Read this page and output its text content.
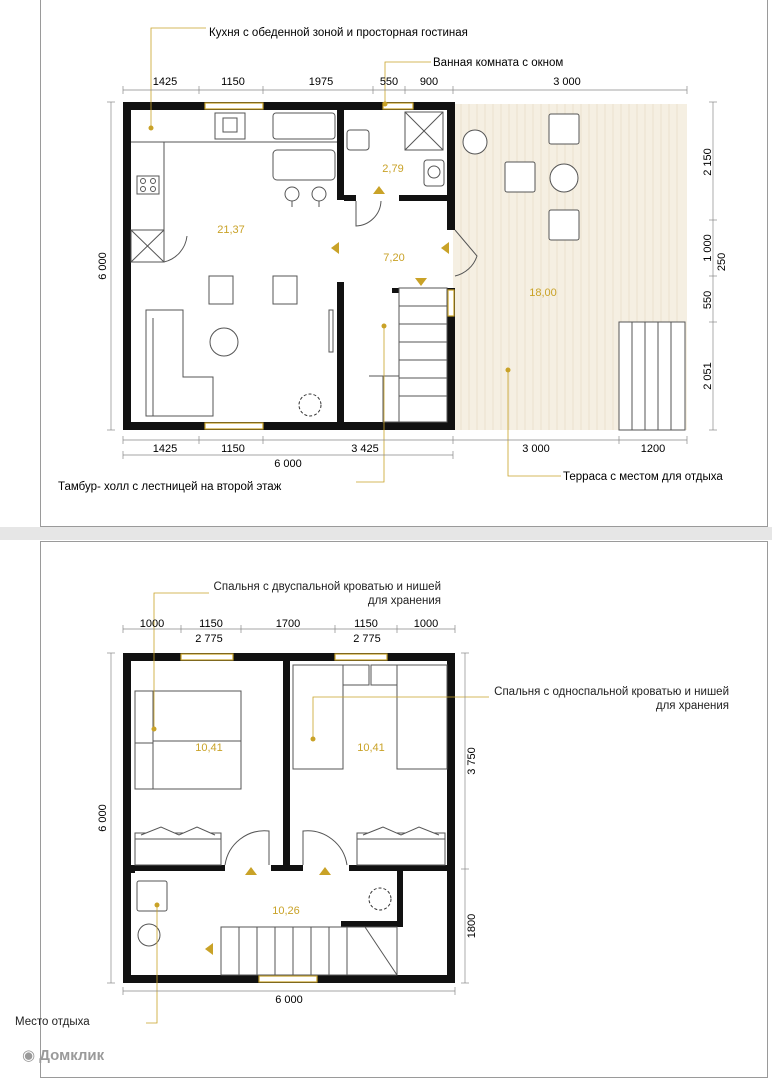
1425	1150	1975	550 900	3 000
1425	1150	3 425	3 000	1200
6 000
6 000
2 150
1 000
250
550
2 051
21,37
2,79
7,20
18,00
Кухня с обеденной зоной и просторная гостиная
Ванная комната с окном
Тамбур- холл с лестницей на второй этаж
Терраса с местом для отдыха
1000	1150	1700	1150	1000
2 775	2 775
6 000
6 000
3 750
1800
10,41	10,41
10,26
Спальня с двуспальной кроватью и нишей для хранения
Спальня с односпальной кроватью и нишей для хранения
Место отдыха
◉ Домклик
